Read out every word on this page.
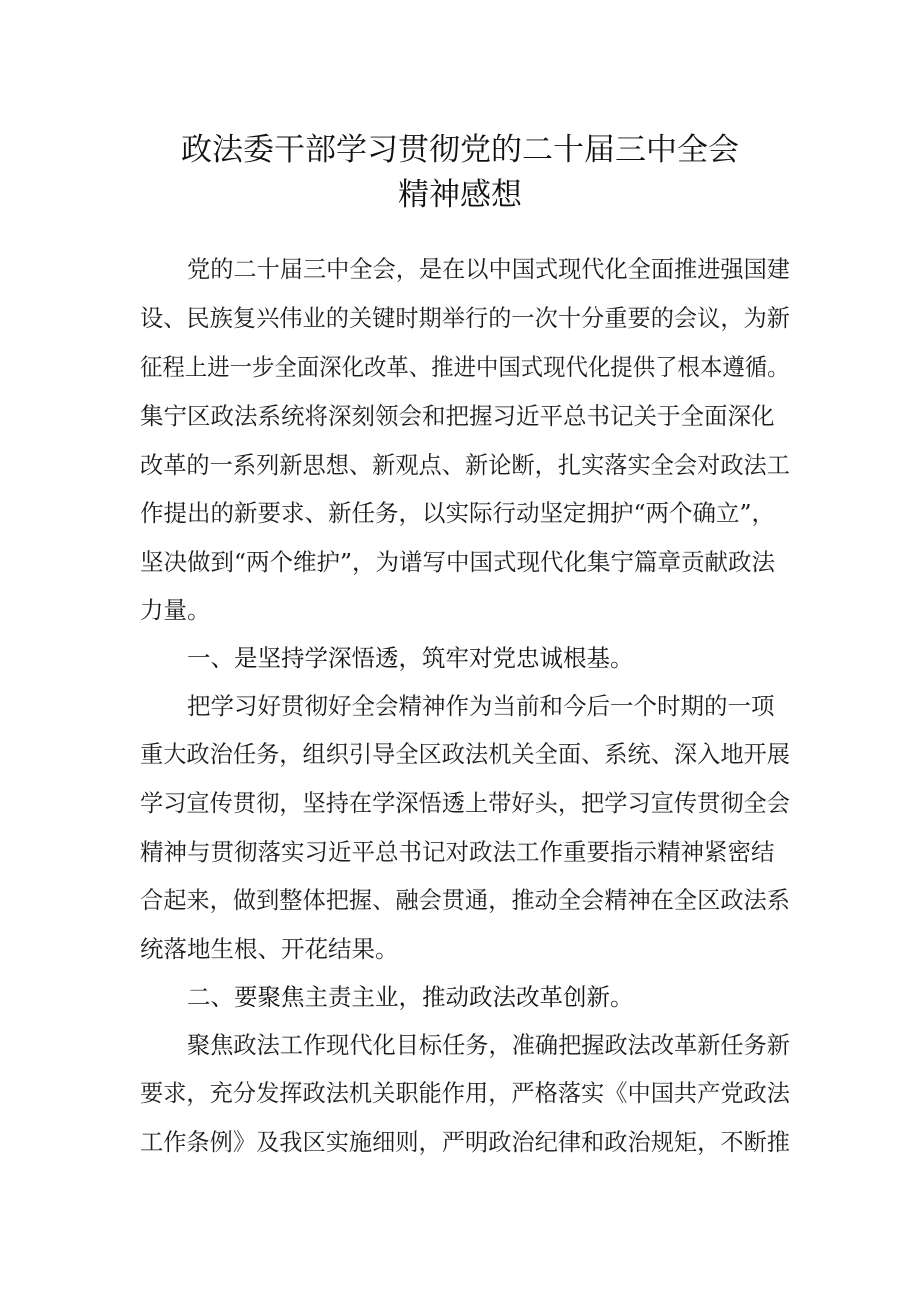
政法委干部学习贯彻党的二十届三中全会
精神感想
党的二十届三中全会，是在以中国式现代化全面推进强国建
设、民族复兴伟业的关键时期举行的一次十分重要的会议，为新
征程上进一步全面深化改革、推进中国式现代化提供了根本遵循。
集宁区政法系统将深刻领会和把握习近平总书记关于全面深化
改革的一系列新思想、新观点、新论断，扎实落实全会对政法工
作提出的新要求、新任务，以实际行动坚定拥护“两个确立”，
坚决做到“两个维护”，为谱写中国式现代化集宁篇章贡献政法
力量。
一、是坚持学深悟透，筑牢对党忠诚根基。
把学习好贯彻好全会精神作为当前和今后一个时期的一项
重大政治任务，组织引导全区政法机关全面、系统、深入地开展
学习宣传贯彻，坚持在学深悟透上带好头，把学习宣传贯彻全会
精神与贯彻落实习近平总书记对政法工作重要指示精神紧密结
合起来，做到整体把握、融会贯通，推动全会精神在全区政法系
统落地生根、开花结果。
二、要聚焦主责主业，推动政法改革创新。
聚焦政法工作现代化目标任务，准确把握政法改革新任务新
要求，充分发挥政法机关职能作用，严格落实《中国共产党政法
工作条例》及我区实施细则，严明政治纪律和政治规矩，不断推
